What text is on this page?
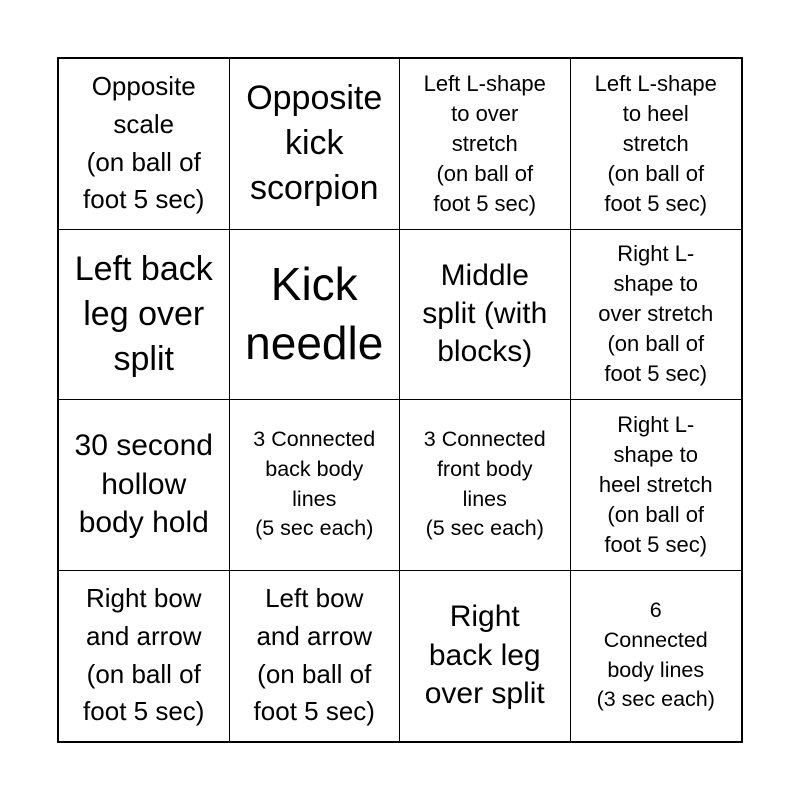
Opposite
scale
(on ball of
foot 5 sec)
Opposite
kick
scorpion
Left L-shape
to over
stretch
(on ball of
foot 5 sec)
Left L-shape
to heel
stretch
(on ball of
foot 5 sec)
Left back
leg over
split
Kick
needle
Middle
split (with
blocks)
Right L-
shape to
over stretch
(on ball of
foot 5 sec)
30 second
hollow
body hold
3 Connected
back body
lines
(5 sec each)
3 Connected
front body
lines
(5 sec each)
Right L-
shape to
heel stretch
(on ball of
foot 5 sec)
Right bow
and arrow
(on ball of
foot 5 sec)
Left bow
and arrow
(on ball of
foot 5 sec)
Right
back leg
over split
6
Connected
body lines
(3 sec each)
